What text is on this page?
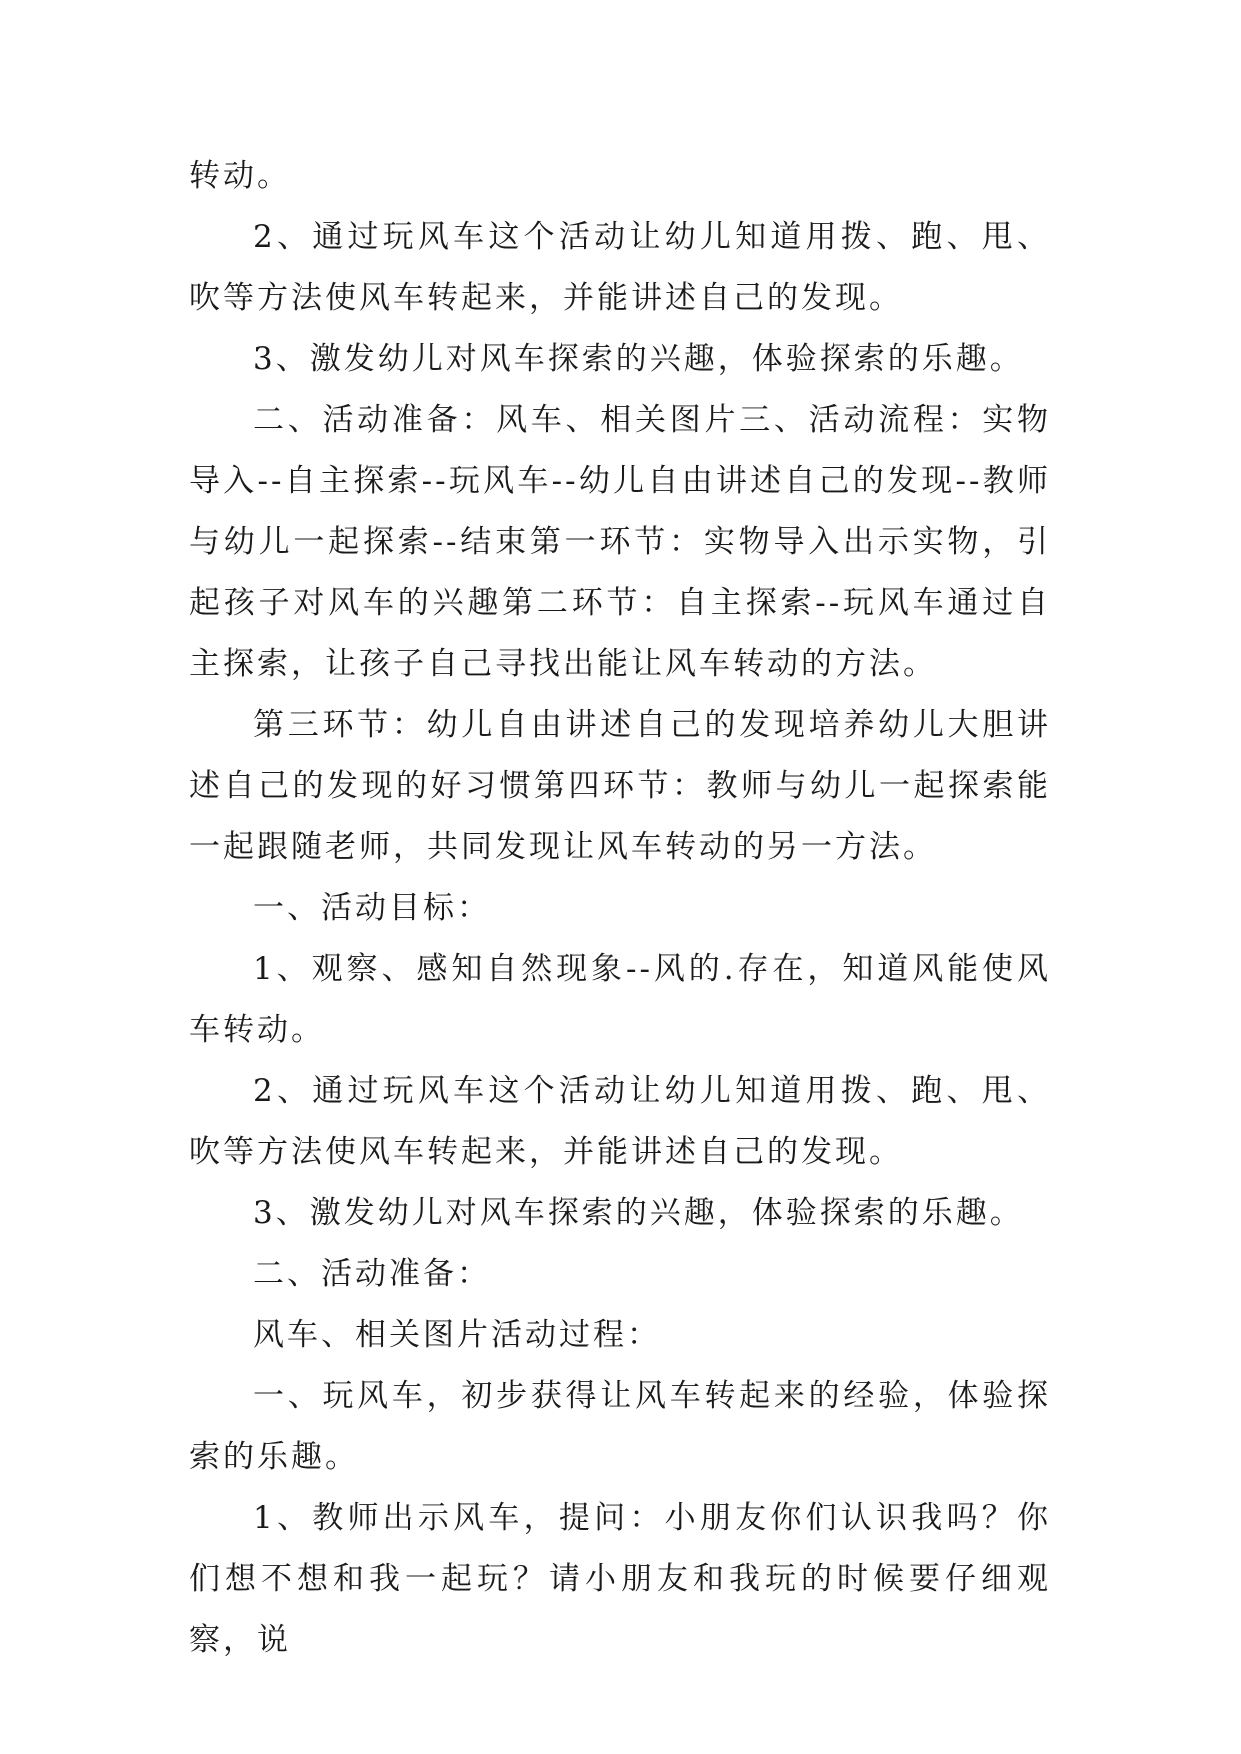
转动。

2、通过玩风车这个活动让幼儿知道用拨、跑、甩、吹等方法使风车转起来，并能讲述自己的发现。

3、激发幼儿对风车探索的兴趣，体验探索的乐趣。

二、活动准备：风车、相关图片三、活动流程：实物导入--自主探索--玩风车--幼儿自由讲述自己的发现--教师与幼儿一起探索--结束第一环节：实物导入出示实物，引起孩子对风车的兴趣第二环节：自主探索--玩风车通过自主探索，让孩子自己寻找出能让风车转动的方法。

第三环节：幼儿自由讲述自己的发现培养幼儿大胆讲述自己的发现的好习惯第四环节：教师与幼儿一起探索能一起跟随老师，共同发现让风车转动的另一方法。

一、活动目标：

1、观察、感知自然现象--风的.存在，知道风能使风车转动。

2、通过玩风车这个活动让幼儿知道用拨、跑、甩、吹等方法使风车转起来，并能讲述自己的发现。

3、激发幼儿对风车探索的兴趣，体验探索的乐趣。

二、活动准备：

风车、相关图片活动过程：

一、玩风车，初步获得让风车转起来的经验，体验探索的乐趣。

1、教师出示风车，提问：小朋友你们认识我吗？你们想不想和我一起玩？请小朋友和我玩的时候要仔细观察，说
